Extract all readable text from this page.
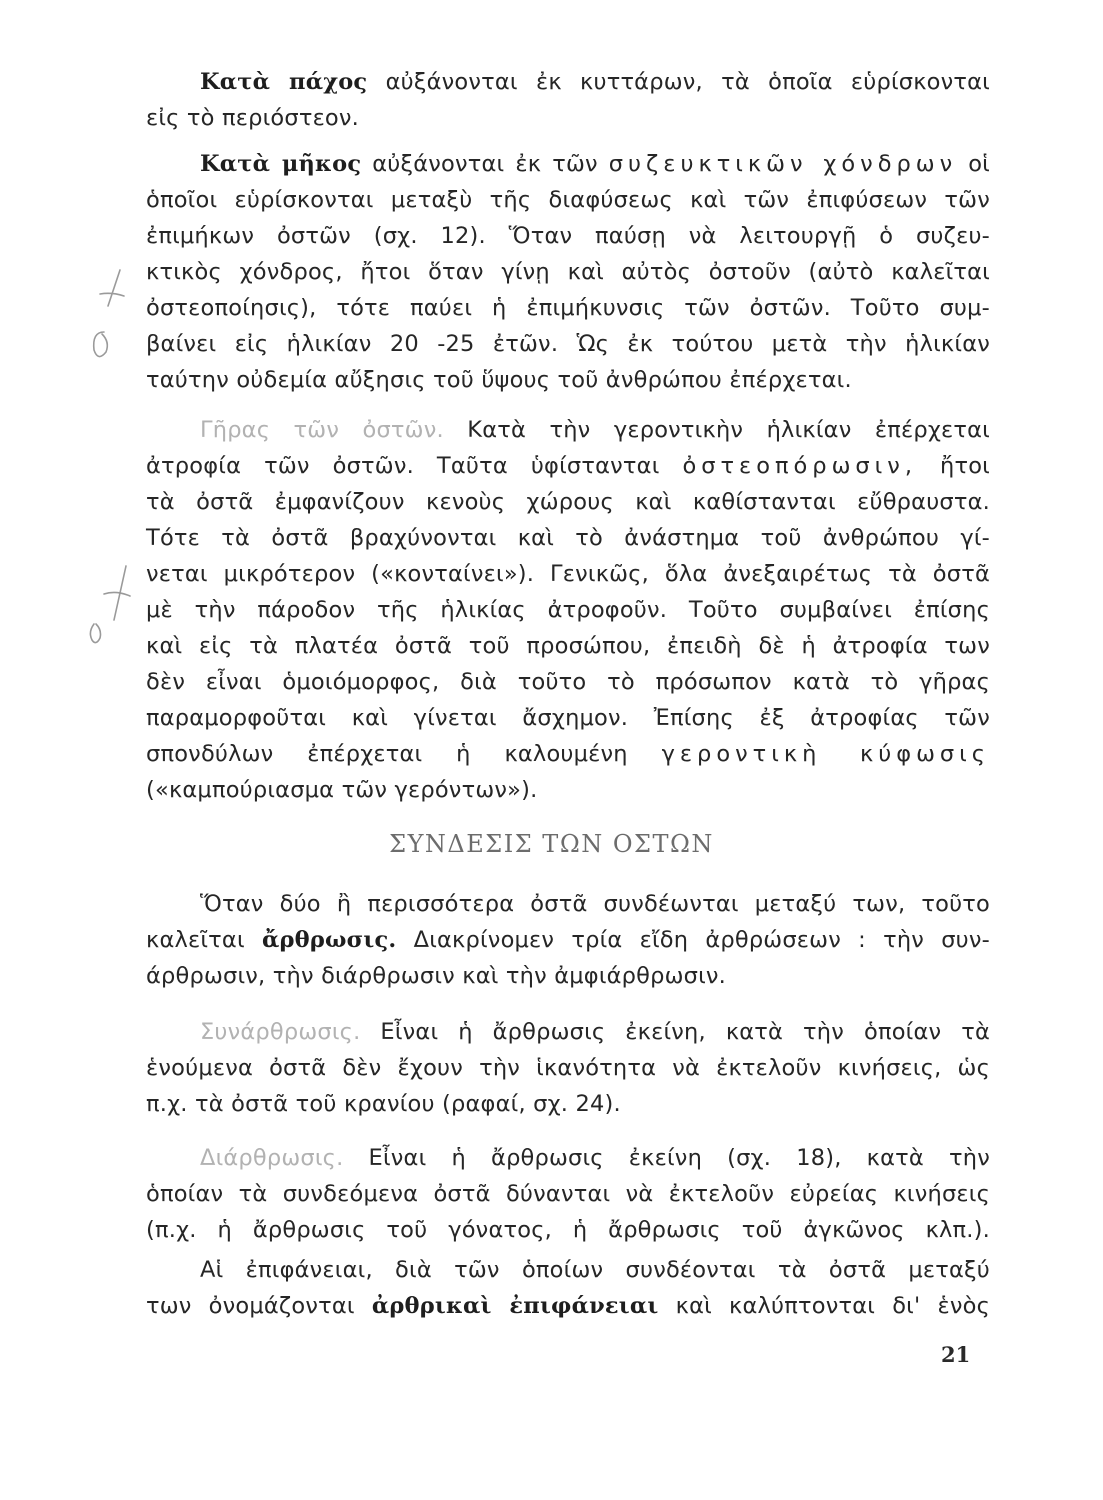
Κατὰ πάχος αὐξάνονται ἐκ κυττάρων, τὰ ὁποῖα εὑρίσκονται
εἰς τὸ περιόστεον.
Κατὰ μῆκος αὐξάνονται ἐκ τῶν συζευκτικῶν χόνδρων οἱ
ὁποῖοι εὑρίσκονται μεταξὺ τῆς διαφύσεως καὶ τῶν ἐπιφύσεων τῶν
ἐπιμήκων ὀστῶν (σχ. 12). Ὅταν παύσῃ νὰ λειτουργῇ ὁ συζευ-
κτικὸς χόνδρος, ἤτοι ὅταν γίνῃ καὶ αὐτὸς ὀστοῦν (αὐτὸ καλεῖται
ὀστεοποίησις), τότε παύει ἡ ἐπιμήκυνσις τῶν ὀστῶν. Τοῦτο συμ-
βαίνει εἰς ἡλικίαν 20 -25 ἐτῶν. Ὡς ἐκ τούτου μετὰ τὴν ἡλικίαν
ταύτην οὐδεμία αὔξησις τοῦ ὕψους τοῦ ἀνθρώπου ἐπέρχεται.
Γῆρας τῶν ὀστῶν. Κατὰ τὴν γεροντικὴν ἡλικίαν ἐπέρχεται
ἀτροφία τῶν ὀστῶν. Ταῦτα ὑφίστανται ὀστεοπόρωσιν, ἤτοι
τὰ ὀστᾶ ἐμφανίζουν κενοὺς χώρους καὶ καθίστανται εὔθραυστα.
Τότε τὰ ὀστᾶ βραχύνονται καὶ τὸ ἀνάστημα τοῦ ἀνθρώπου γί-
νεται μικρότερον («κονταίνει»). Γενικῶς, ὅλα ἀνεξαιρέτως τὰ ὀστᾶ
μὲ τὴν πάροδον τῆς ἡλικίας ἀτροφοῦν. Τοῦτο συμβαίνει ἐπίσης
καὶ εἰς τὰ πλατέα ὀστᾶ τοῦ προσώπου, ἐπειδὴ δὲ ἡ ἀτροφία των
δὲν εἶναι ὁμοιόμορφος, διὰ τοῦτο τὸ πρόσωπον κατὰ τὸ γῆρας
παραμορφοῦται καὶ γίνεται ἄσχημον. Ἐπίσης ἐξ ἀτροφίας τῶν
σπονδύλων ἐπέρχεται ἡ καλουμένη γεροντικὴ κύφωσις
(«καμπούριασμα τῶν γερόντων»).
ΣΥΝΔΕΣΙΣ ΤΩΝ ΟΣΤΩΝ
Ὅταν δύο ἢ περισσότερα ὀστᾶ συνδέωνται μεταξύ των, τοῦτο
καλεῖται ἄρθρωσις. Διακρίνομεν τρία εἴδη ἀρθρώσεων : τὴν συν-
άρθρωσιν, τὴν διάρθρωσιν καὶ τὴν ἀμφιάρθρωσιν.
Συνάρθρωσις. Εἶναι ἡ ἄρθρωσις ἐκείνη, κατὰ τὴν ὁποίαν τὰ
ἑνούμενα ὀστᾶ δὲν ἔχουν τὴν ἱκανότητα νὰ ἐκτελοῦν κινήσεις, ὡς
π.χ. τὰ ὀστᾶ τοῦ κρανίου (ραφαί, σχ. 24).
Διάρθρωσις. Εἶναι ἡ ἄρθρωσις ἐκείνη (σχ. 18), κατὰ τὴν
ὁποίαν τὰ συνδεόμενα ὀστᾶ δύνανται νὰ ἐκτελοῦν εὐρείας κινήσεις
(π.χ. ἡ ἄρθρωσις τοῦ γόνατος, ἡ ἄρθρωσις τοῦ ἀγκῶνος κλπ.).
Αἱ ἐπιφάνειαι, διὰ τῶν ὁποίων συνδέονται τὰ ὀστᾶ μεταξύ
των ὀνομάζονται ἀρθρικαὶ ἐπιφάνειαι καὶ καλύπτονται δι' ἑνὸς
21
